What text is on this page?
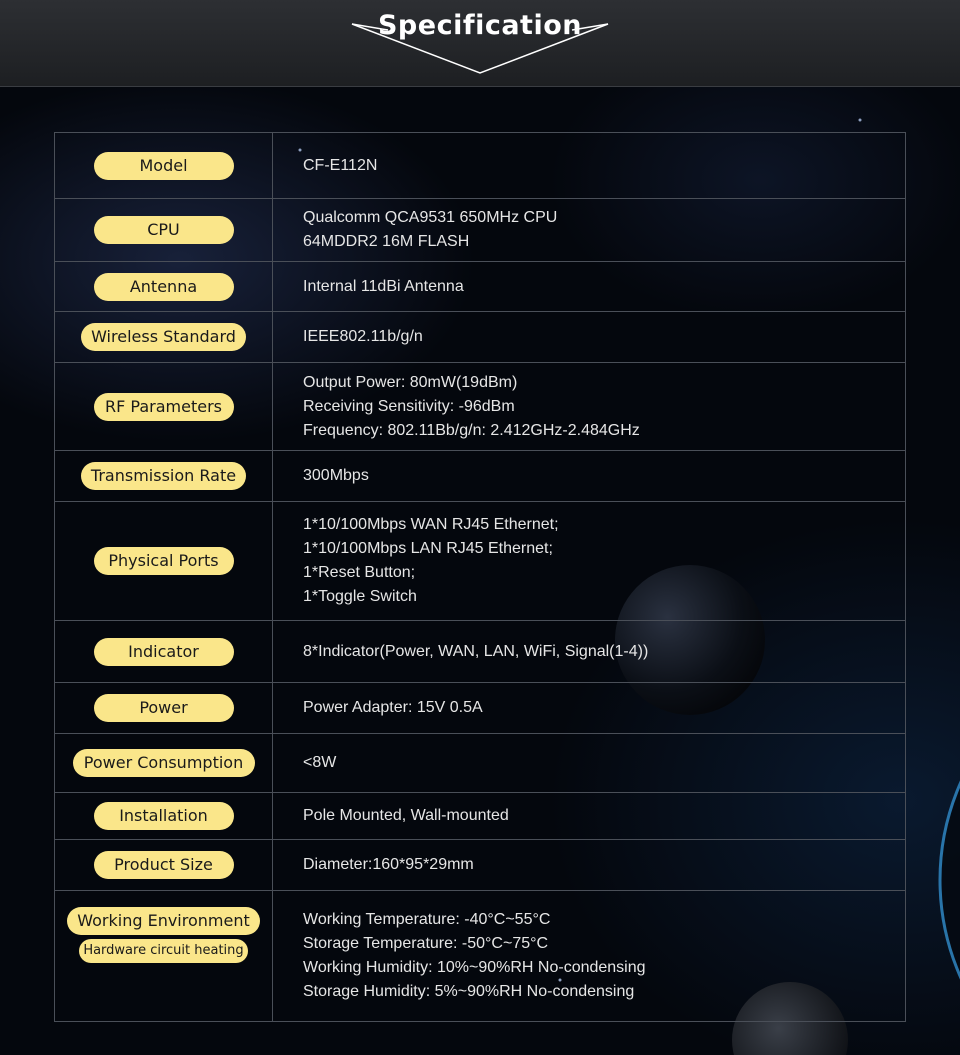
Specification
Model	CF-E112N

CPU	Qualcomm QCA9531 650MHz CPU
64MDDR2 16M FLASH

Antenna	Internal 11dBi Antenna

Wireless Standard	IEEE802.11b/g/n

RF Parameters	Output Power: 80mW(19dBm)
Receiving Sensitivity: -96dBm
Frequency: 802.11Bb/g/n: 2.412GHz-2.484GHz

Transmission Rate	300Mbps

Physical Ports	1*10/100Mbps WAN RJ45 Ethernet;
1*10/100Mbps LAN RJ45 Ethernet;
1*Reset Button;
1*Toggle Switch

Indicator	8*Indicator(Power, WAN, LAN, WiFi, Signal(1-4))

Power	Power Adapter: 15V 0.5A

Power Consumption	<8W

Installation	Pole Mounted, Wall-mounted

Product Size	Diameter:160*95*29mm

Working Environment
Hardware circuit heating	Working Temperature: -40°C~55°C
Storage Temperature: -50°C~75°C
Working Humidity: 10%~90%RH No-condensing
Storage Humidity: 5%~90%RH No-condensing
